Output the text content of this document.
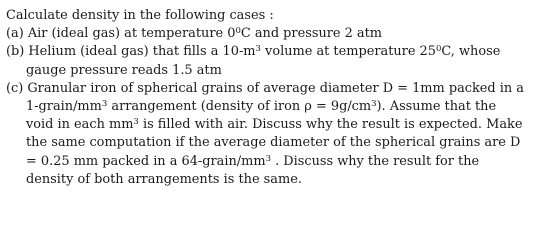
Calculate density in the following cases :
(a) Air (ideal gas) at temperature $0^0C$ and pressure 2 atm
(b) Helium (ideal gas) that fills a $10-m^3$ volume at temperature $25^0C$, whose
gauge pressure reads 1.5 atm
(c) Granular iron of spherical grains of average diameter D = 1mm packed in a
$1-grain/mm^3$ arrangement (density of iron $\rho = 9g/cm^3$). Assume that the
void in each $mm^3$ is filled with air. Discuss why the result is expected. Make
the same computation if the average diameter of the spherical grains are D
= 0.25 mm packed in a $64-grain/mm^3$ . Discuss why the result for the
density of both arrangements is the same.
